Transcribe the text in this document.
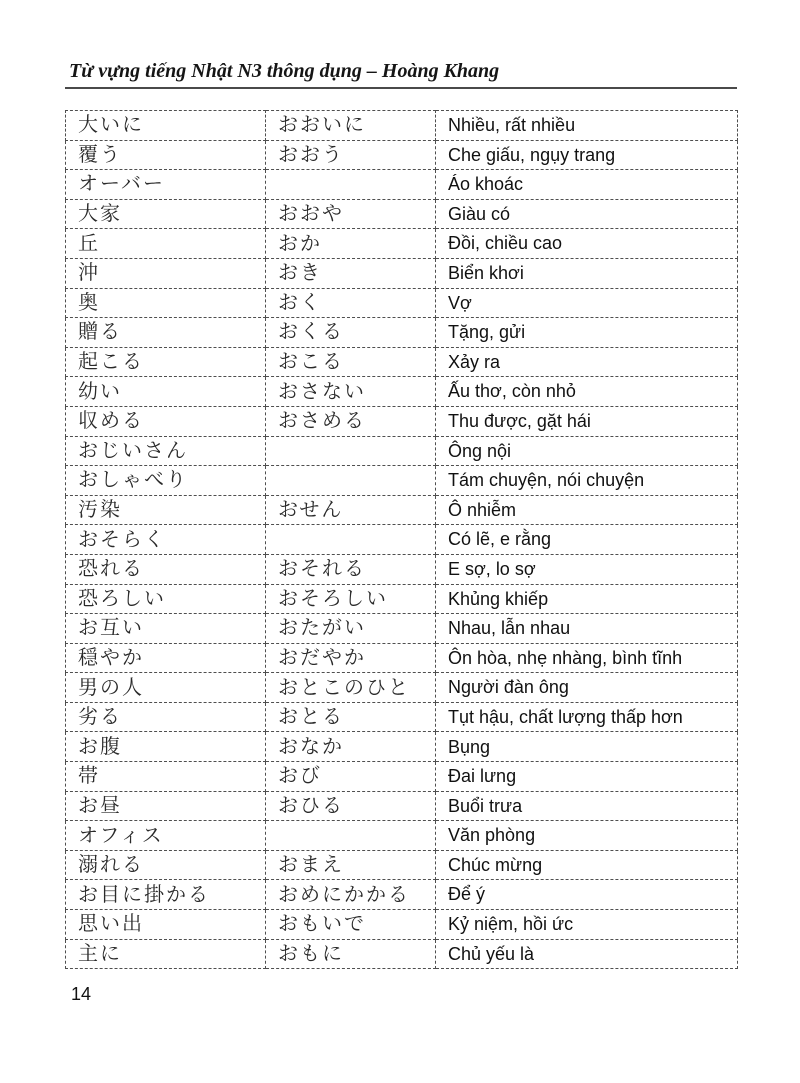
Từ vựng tiếng Nhật N3 thông dụng – Hoàng Khang
大いに	おおいに	Nhiều, rất nhiều
覆う	おおう	Che giấu, ngụy trang
オーバー		Áo khoác
大家	おおや	Giàu có
丘	おか	Đồi, chiều cao
沖	おき	Biển khơi
奥	おく	Vợ
贈る	おくる	Tặng, gửi
起こる	おこる	Xảy ra
幼い	おさない	Ấu thơ, còn nhỏ
収める	おさめる	Thu được, gặt hái
おじいさん		Ông nội
おしゃべり		Tám chuyện, nói chuyện
汚染	おせん	Ô nhiễm
おそらく		Có lẽ, e rằng
恐れる	おそれる	E sợ, lo sợ
恐ろしい	おそろしい	Khủng khiếp
お互い	おたがい	Nhau, lẫn nhau
穏やか	おだやか	Ôn hòa, nhẹ nhàng, bình tĩnh
男の人	おとこのひと	Người đàn ông
劣る	おとる	Tụt hậu, chất lượng thấp hơn
お腹	おなか	Bụng
帯	おび	Đai lưng
お昼	おひる	Buổi trưa
オフィス		Văn phòng
溺れる	おまえ	Chúc mừng
お目に掛かる	おめにかかる	Để ý
思い出	おもいで	Kỷ niệm, hồi ức
主に	おもに	Chủ yếu là
14
